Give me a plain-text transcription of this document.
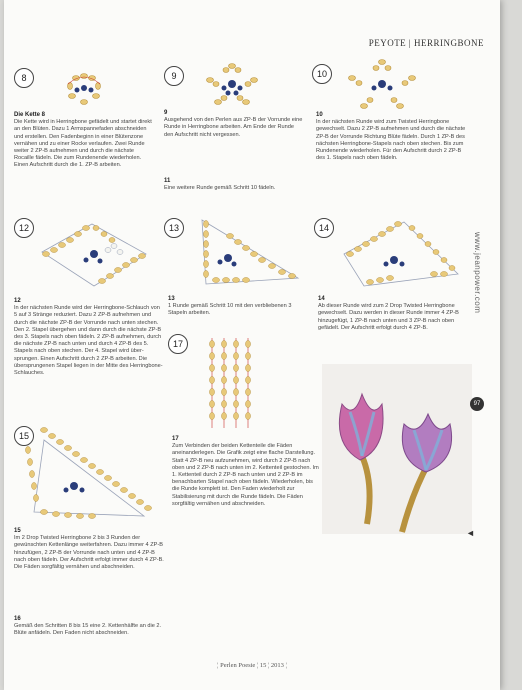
PEYOTE | HERRINGBONE
8
Die Kette 8
Die Kette wird in Herringbone gefädelt und startet direkt an den Blüten. Dazu 1 Armspannefaden abschneiden und erstellen. Den Fadenbeginn in einer Blütenzone vernähen und zu einer Rocke verlaufen. Zwei Runde weiter 2 ZP-B aufnehmen und durch die nächste Rocaille fädeln. Die zum Rundenende wiederholen. Einen Aufschritt durch die 1. ZP-B arbeiten.
9
9
Ausgehend von den Perlen aus ZP-B der Vorrunde eine Runde in Herringbone arbeiten. Am Ende der Runde den Aufschritt nicht vergessen.
10
10
In der nächsten Runde wird zum Twisted Herringbone gewechselt. Dazu 2 ZP-B aufnehmen und durch die nächste ZP-B der Vorrunde Richtung Blüte fädeln. Durch 1 ZP-B des nächsten Herringbone-Stapels nach oben stechen. Bis zum Rundenende wiederholen. Für den Aufschritt durch 2 ZP-B des 1. Stapels nach oben fädeln.
11
Eine weitere Runde gemäß Schritt 10 fädeln.
12
12
In der nächsten Runde wird der Herringbone-Schlauch von 5 auf 3 Stränge reduziert. Dazu 2 ZP-B aufnehmen und durch die nächste ZP-B der Vorrunde nach unten stechen. Den 2. Stapel übergehen und dann durch die nächste ZP-B des 3. Stapels nach oben fädeln. 2 ZP-B aufnehmen, durch die nächste ZP-B nach unten und durch 4 ZP-B des 5. Stapels nach oben stechen. Der 4. Stapel wird übersprungen. Einen Aufschritt durch 2 ZP-B arbeiten. Die übersprungenen Stapel liegen in der Mitte des Herringbone-Schlauches.
13
13
1 Runde gemäß Schritt 10 mit den verbliebenen 3 Stapeln arbeiten.
14
14
Ab dieser Runde wird zum 2 Drop Twisted Herringbone gewechselt. Dazu werden in dieser Runde immer 4 ZP-B hinzugefügt, 1 ZP-B nach unten und 3 ZP-B nach oben gefädelt. Der Aufschritt erfolgt durch 4 ZP-B.
15
15
Im 2 Drop Twisted Herringbone 2 bis 3 Runden der gewünschten Kettenlänge weiterfahren. Dazu immer 4 ZP-B hinzufügen, 2 ZP-B der Vorrunde nach unten und 4 ZP-B nach oben fädeln. Der Aufschritt erfolgt immer durch 4 ZP-B. Die Fäden sorgfältig vernähen und abschneiden.
16
Gemäß den Schritten 8 bis 15 eine 2. Kettenhälfte an die 2. Blüte anfädeln. Den Faden nicht abschneiden.
17
17
Zum Verbinden der beiden Kettenteile die Fäden aneinanderlegen. Die Grafik zeigt eine flache Darstellung. Statt 4 ZP-B neu aufzunehmen, wird durch 2 ZP-B nach oben und 2 ZP-B nach unten im 2. Kettenteil gestochen. Im 1. Kettenteil durch 2 ZP-B nach unten und 2 ZP-B im benachbarten Stapel nach oben fädeln. Wiederholen, bis die Runde komplett ist. Den Faden wiederholt zur Stabilisierung mit durch die Runde fädeln. Die Fäden sorgfältig vernähen und abschneiden.
www.jeanpower.com
97
◄
¦ Perlen Poesie ¦ 15 ¦ 2013 ¦
